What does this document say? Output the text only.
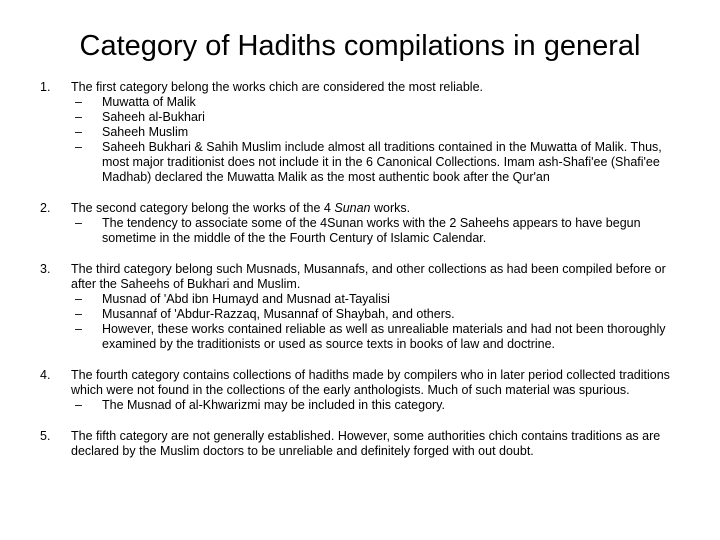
Category of Hadiths compilations in general
1. The first category belong the works chich are considered the most reliable.
– Muwatta of Malik
– Saheeh al-Bukhari
– Saheeh Muslim
– Saheeh Bukhari & Sahih Muslim include almost all traditions contained in the Muwatta of Malik. Thus, most major traditionist does not include it in the 6 Canonical Collections. Imam ash-Shafi'ee (Shafi'ee Madhab) declared the Muwatta Malik as the most authentic book after the Qur'an
2. The second category belong the works of the 4 Sunan works.
– The tendency to associate some of the 4Sunan works with the 2 Saheehs appears to have begun sometime in the middle of the the Fourth Century of Islamic Calendar.
3. The third category belong such Musnads, Musannafs, and other collections as had been compiled before or after the Saheehs of Bukhari and Muslim.
– Musnad of 'Abd ibn Humayd and Musnad at-Tayalisi
– Musannaf of 'Abdur-Razzaq, Musannaf of Shaybah, and others.
– However, these works contained reliable as well as unrealiable materials and had not been thoroughly examined by the traditionists or used as source texts in books of law and doctrine.
4. The fourth category contains collections of hadiths made by compilers who in later period collected traditions which were not found in the collections of the early anthologists. Much of such material was spurious.
– The Musnad of al-Khwarizmi may be included in this category.
5. The fifth category are not generally established. However, some authorities chich contains traditions as are declared by the Muslim doctors to be unreliable and definitely forged with out doubt.
